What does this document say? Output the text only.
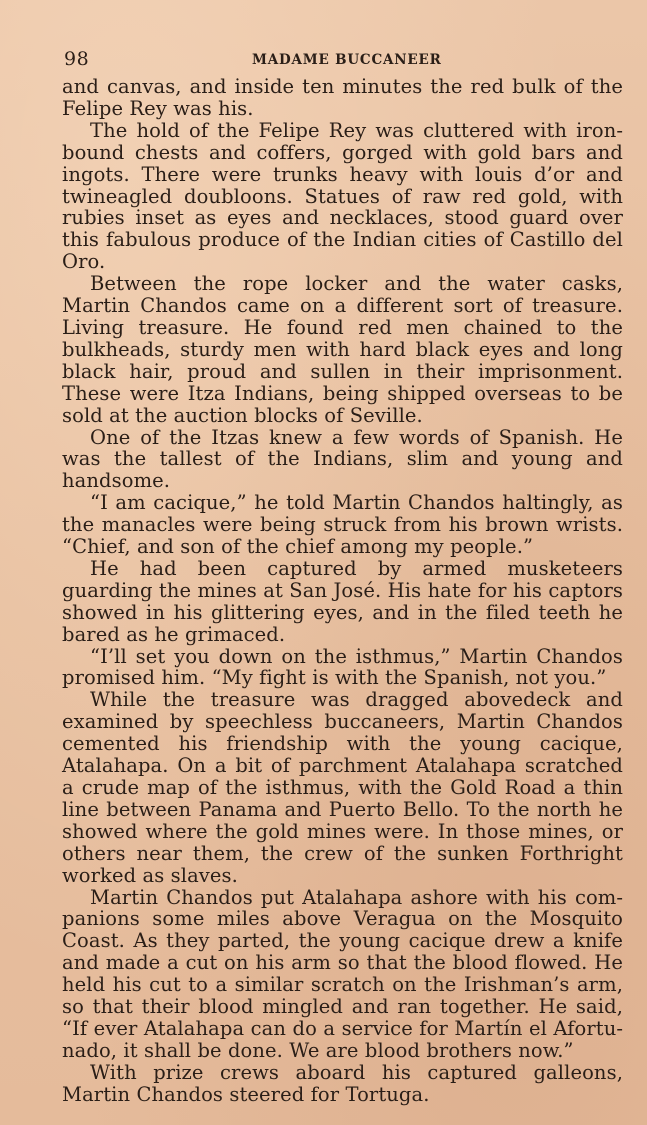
98	MADAME BUCCANEER

and canvas, and inside ten minutes the red bulk of the Felipe Rey was his.

The hold of the Felipe Rey was cluttered with ironbound chests and coffers, gorged with gold bars and ingots. There were trunks heavy with louis d’or and twineagled doubloons. Statues of raw red gold, with rubies inset as eyes and necklaces, stood guard over this fabulous produce of the Indian cities of Castillo del Oro.

Between the rope locker and the water casks, Martin Chandos came on a different sort of treasure. Living treasure. He found red men chained to the bulkheads, sturdy men with hard black eyes and long black hair, proud and sullen in their imprisonment. These were Itza Indians, being shipped overseas to be sold at the auction blocks of Seville.

One of the Itzas knew a few words of Spanish. He was the tallest of the Indians, slim and young and handsome.

“I am cacique,” he told Martin Chandos haltingly, as the manacles were being struck from his brown wrists. “Chief, and son of the chief among my people.”

He had been captured by armed musketeers guarding the mines at San José. His hate for his captors showed in his glittering eyes, and in the filed teeth he bared as he grimaced.

“I’ll set you down on the isthmus,” Martin Chandos promised him. “My fight is with the Spanish, not you.”

While the treasure was dragged abovedeck and examined by speechless buccaneers, Martin Chandos cemented his friendship with the young cacique, Atalahapa. On a bit of parchment Atalahapa scratched a crude map of the isthmus, with the Gold Road a thin line between Panama and Puerto Bello. To the north he showed where the gold mines were. In those mines, or others near them, the crew of the sunken Forthright worked as slaves.

Martin Chandos put Atalahapa ashore with his companions some miles above Veragua on the Mosquito Coast. As they parted, the young cacique drew a knife and made a cut on his arm so that the blood flowed. He held his cut to a similar scratch on the Irishman’s arm, so that their blood mingled and ran together. He said, “If ever Atalahapa can do a service for Martín el Afortunado, it shall be done. We are blood brothers now.”

With prize crews aboard his captured galleons, Martin Chandos steered for Tortuga.
